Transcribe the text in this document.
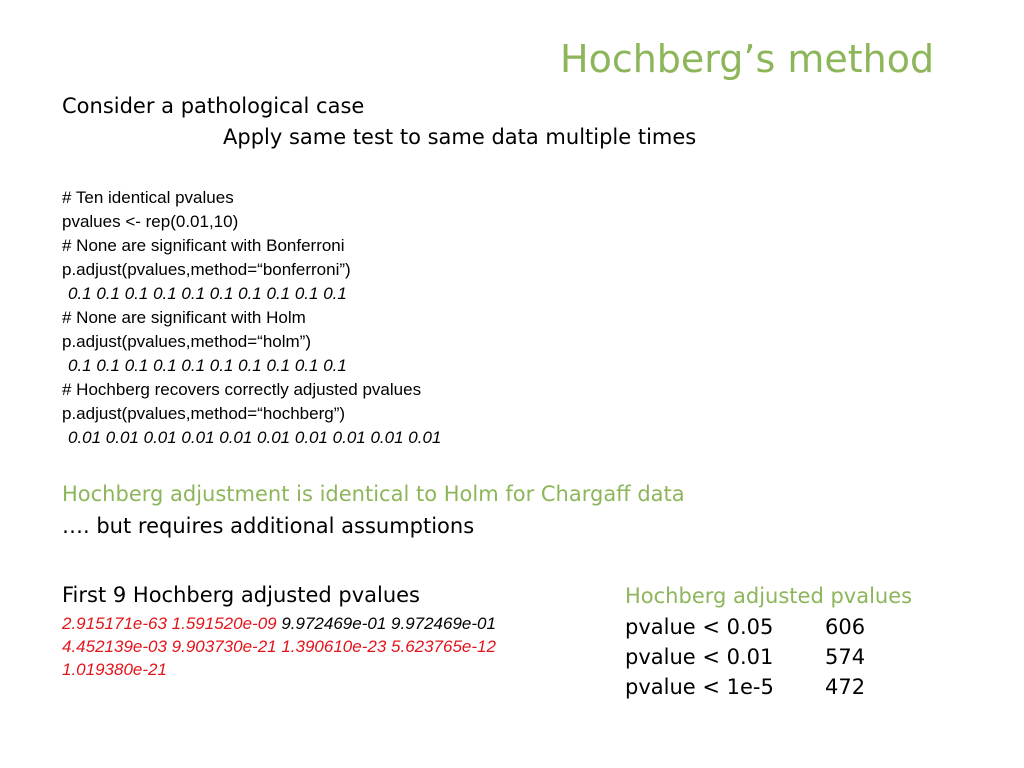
Hochberg’s method
Consider a pathological case
Apply same test to same data multiple times
# Ten identical pvalues
pvalues <- rep(0.01,10)
# None are significant with Bonferroni
p.adjust(pvalues,method=“bonferroni”)
0.1 0.1 0.1 0.1 0.1 0.1 0.1 0.1 0.1 0.1
# None are significant with Holm
p.adjust(pvalues,method=“holm”)
0.1 0.1 0.1 0.1 0.1 0.1 0.1 0.1 0.1 0.1
# Hochberg recovers correctly adjusted pvalues
p.adjust(pvalues,method=“hochberg”)
0.01 0.01 0.01 0.01 0.01 0.01 0.01 0.01 0.01 0.01
Hochberg adjustment is identical to Holm for Chargaff data
…. but requires additional assumptions
First 9 Hochberg adjusted pvalues
2.915171e-63 1.591520e-09 9.972469e-01 9.972469e-01 4.452139e-03 9.903730e-21 1.390610e-23 5.623765e-12 1.019380e-21
Hochberg adjusted pvalues
pvalue < 0.05	606
pvalue < 0.01	574
pvalue < 1e-5	472
